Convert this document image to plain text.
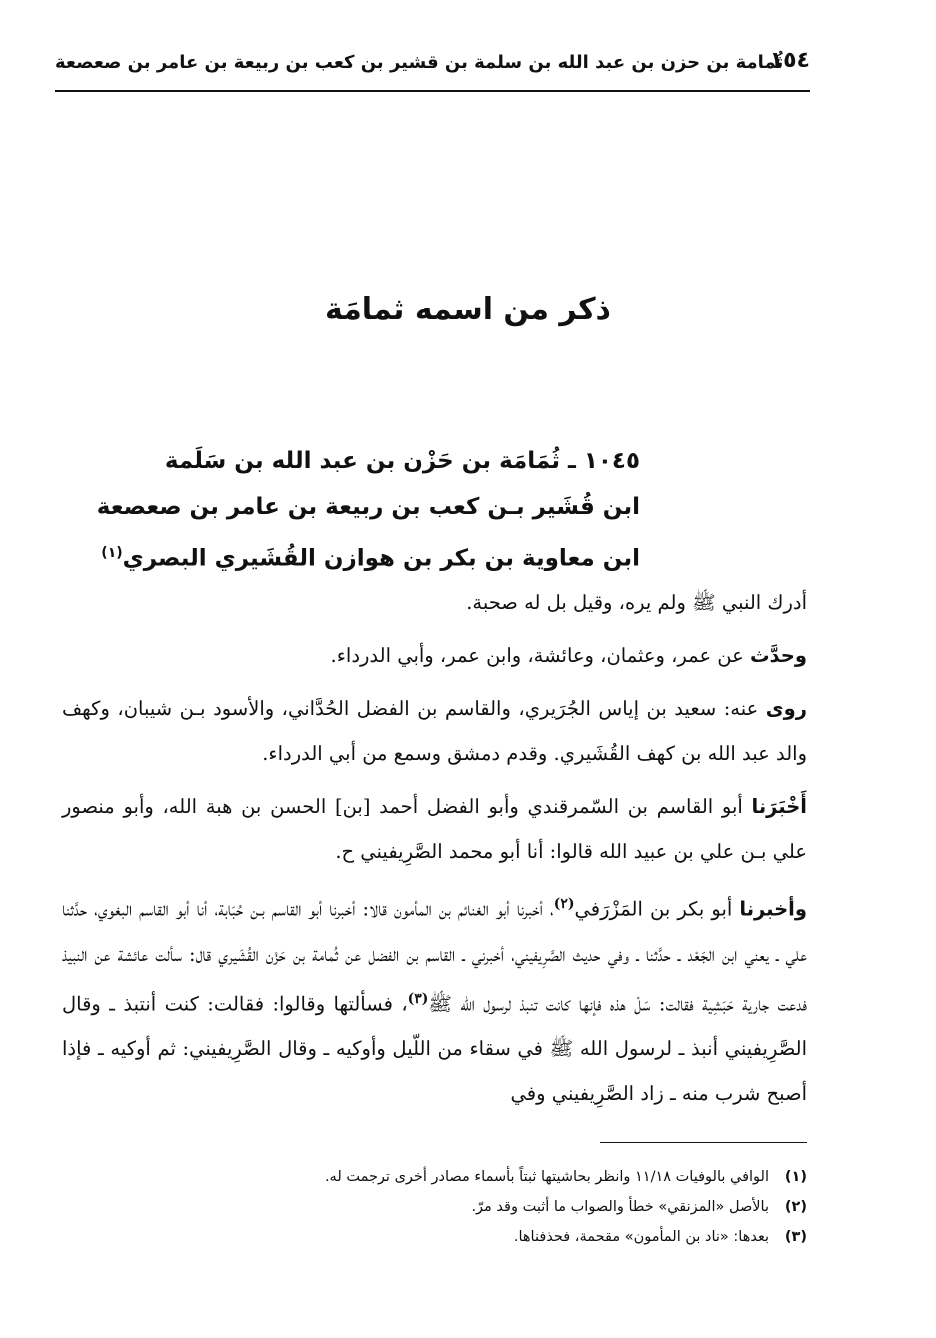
١٥٤
ثُمامة بن حزن بن عبد الله بن سلمة بن قشير بن كعب بن ربيعة بن عامر بن صعصعة
ذكر من اسمه ثمامَة
١٠٤٥ ـ ثُمَامَة بن حَزْن بن عبد الله بن سَلَمة
ابن قُشَير بـن كعب بن ربيعة بن عامر بن صعصعة
ابن معاوية بن بكر بن هوازن القُشَيري البصري$^{(١)}$

أدرك النبي ﷺ ولم يره، وقيل بل له صحبة.

وحدَّث عن عمر، وعثمان، وعائشة، وابن عمر، وأبي الدرداء.

روى عنه: سعيد بن إياس الجُرَيري، والقاسم بن الفضل الحُدَّاني، والأسود بـن شيبان، وكهف والد عبد الله بن كهف القُشَيري. وقدم دمشق وسمع من أبي الدرداء.

أَخْبَرَنا أبو القاسم بن السّمرقندي وأبو الفضل أحمد [بن] الحسن بن هبة الله، وأبو منصور علي بـن علي بن عبيد الله قالوا: أنا أبو محمد الصَّرِيفيني ح.

وأخبرنا أبو بكر بن المَزْرَفي$^{(٢)}$، أخبرنا أبو الغنائم بن المأمون قالا: أخبرنا أبو القاسم بـن حُبَابة، أنا أبو القاسم البغوي، حدَّثنا علي ـ يعني ابن الجَعْد ـ حدَّثنا ـ وفي حديث الصَّرِيفيني، أخبرني ـ القاسم بن الفضل عن ثُمامة بن حَزْن القُشَيري قال: سألت عائشة عن النبيذ فدعت جارية حَبَشِية فقالت: سَلْ هذه فإنها كانت تنبذ لرسول الله ﷺ$^{(٣)}$، فسألتها وقالوا: فقالت: كنت أنتبذ ـ وقال الصَّرِيفيني أنبذ ـ لرسول الله ﷺ في سقاء من اللّيل وأوكيه ـ وقال الصَّرِيفيني: ثم أوكيه ـ فإذا أصبح شرب منه ـ زاد الصَّرِيفيني وفي

(١)الوافي بالوفيات ١١/١٨ وانظر بحاشيتها ثبتاً بأسماء مصادر أخرى ترجمت له.
(٢)بالأصل «المزنقي» خطأ والصواب ما أثبت وقد مرّ.
(٣)بعدها: «ناد بن المأمون» مقحمة، فحذفناها.
